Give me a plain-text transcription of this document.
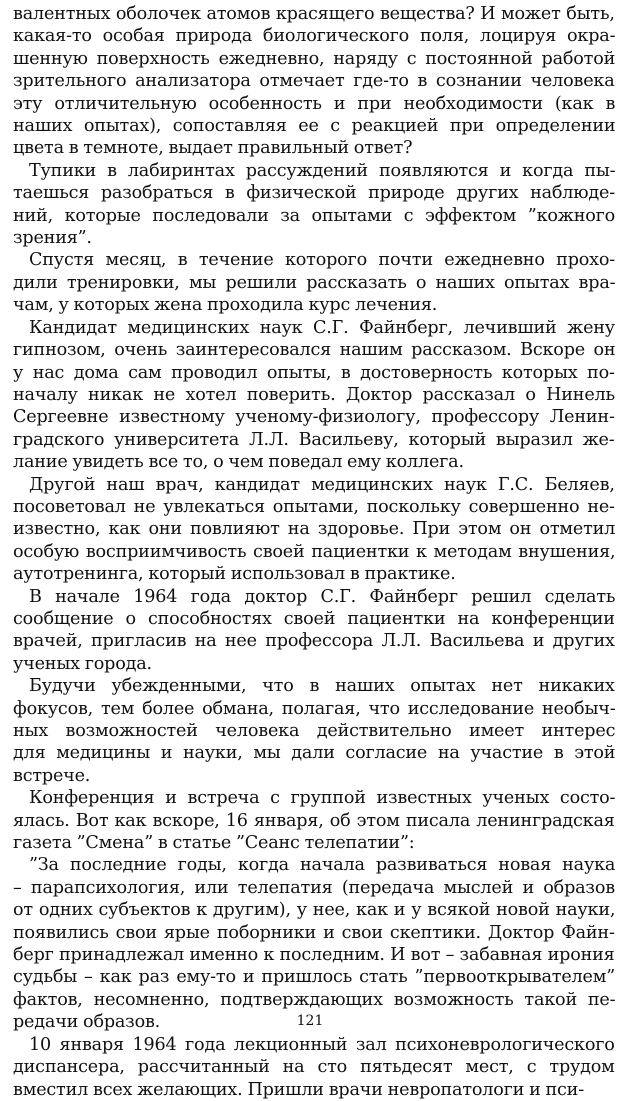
валентных оболочек атомов красящего вещества? И может быть,
какая-то особая природа биологического поля, лоцируя окра-
шенную поверхность ежедневно, наряду с постоянной работой
зрительного анализатора отмечает где-то в сознании человека
эту отличительную особенность и при необходимости (как в
наших опытах), сопоставляя ее с реакцией при определении
цвета в темноте, выдает правильный ответ?
Тупики в лабиринтах рассуждений появляются и когда пы-
таешься разобраться в физической природе других наблюде-
ний, которые последовали за опытами с эффектом ”кожного
зрения”.
Спустя месяц, в течение которого почти ежедневно прохо-
дили тренировки, мы решили рассказать о наших опытах вра-
чам, у которых жена проходила курс лечения.
Кандидат медицинских наук С.Г. Файнберг, лечивший жену
гипнозом, очень заинтересовался нашим рассказом. Вскоре он
у нас дома сам проводил опыты, в достоверность которых по-
началу никак не хотел поверить. Доктор рассказал о Нинель
Сергеевне известному ученому-физиологу, профессору Ленин-
градского университета Л.Л. Васильеву, который выразил же-
лание увидеть все то, о чем поведал ему коллега.
Другой наш врач, кандидат медицинских наук Г.С. Беляев,
посоветовал не увлекаться опытами, поскольку совершенно не-
известно, как они повлияют на здоровье. При этом он отметил
особую восприимчивость своей пациентки к методам внушения,
аутотренинга, который использовал в практике.
В начале 1964 года доктор С.Г. Файнберг решил сделать
сообщение о способностях своей пациентки на конференции
врачей, пригласив на нее профессора Л.Л. Васильева и других
ученых города.
Будучи убежденными, что в наших опытах нет никаких
фокусов, тем более обмана, полагая, что исследование необыч-
ных возможностей человека действительно имеет интерес
для медицины и науки, мы дали согласие на участие в этой
встрече.
Конференция и встреча с группой известных ученых состо-
ялась. Вот как вскоре, 16 января, об этом писала ленинградская
газета ”Смена” в статье ”Сеанс телепатии”:
”За последние годы, когда начала развиваться новая наука
– парапсихология, или телепатия (передача мыслей и образов
от одних субъектов к другим), у нее, как и у всякой новой науки,
появились свои ярые поборники и свои скептики. Доктор Файн-
берг принадлежал именно к последним. И вот – забавная ирония
судьбы – как раз ему-то и пришлось стать ”первооткрывателем”
фактов, несомненно, подтверждающих возможность такой пе-
редачи образов.
10 января 1964 года лекционный зал психоневрологического
диспансера, рассчитанный на сто пятьдесят мест, с трудом
вместил всех желающих. Пришли врачи невропатологи и пси-
121
